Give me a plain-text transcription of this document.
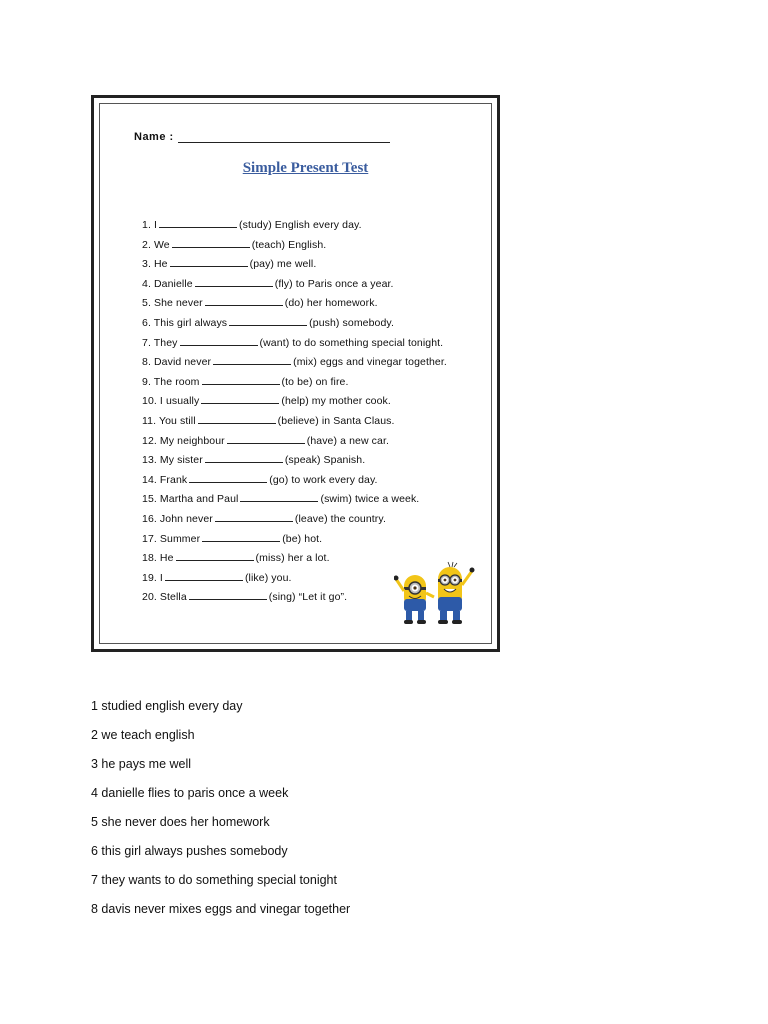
Name :
Simple Present Test
1. I	(study) English every day.
2. We	(teach) English.
3. He	(pay) me well.
4. Danielle	(fly) to Paris once a year.
5. She never	(do) her homework.
6. This girl always	(push) somebody.
7. They	(want) to do something special tonight.
8. David never	(mix) eggs and vinegar together.
9. The room	(to be) on fire.
10. I usually	(help) my mother cook.
11. You still	(believe) in Santa Claus.
12. My neighbour	(have) a new car.
13. My sister	(speak) Spanish.
14. Frank	(go) to work every day.
15. Martha and Paul	(swim) twice a week.
16. John never	(leave) the country.
17. Summer	(be) hot.
18. He	(miss) her a lot.
19. I	(like) you.
20. Stella	(sing) “Let it go”.
1 studied english every day
2 we teach english
3 he pays me well
4 danielle flies to paris once a week
5 she never does her homework
6 this girl always pushes somebody
7 they wants to do something special tonight
8 davis never mixes eggs and vinegar together
